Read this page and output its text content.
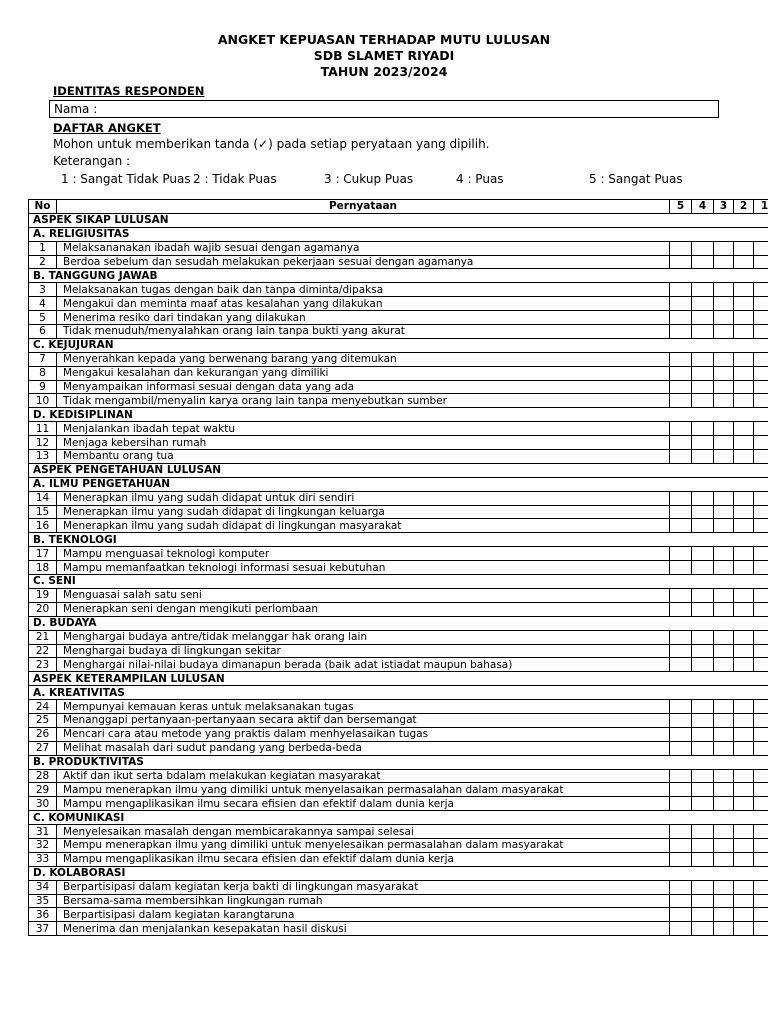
ANGKET KEPUASAN TERHADAP MUTU LULUSAN
SDB SLAMET RIYADI
TAHUN 2023/2024
IDENTITAS RESPONDEN
Nama :
DAFTAR ANGKET
Mohon untuk memberikan tanda (✓) pada setiap peryataan yang dipilih.
Keterangan :
1 : Sangat Tidak Puas 2 : Tidak Puas	3 : Cukup Puas	4 : Puas	5 : Sangat Puas
No	Pernyataan	5	4	3	2	1
ASPEK SIKAP LULUSAN						
A. RELIGIUSITAS						
1	Melaksananakan ibadah wajib sesuai dengan agamanya					
2	Berdoa sebelum dan sesudah melakukan pekerjaan sesuai dengan agamanya					
B. TANGGUNG JAWAB						
3	Melaksanakan tugas dengan baik dan tanpa diminta/dipaksa					
4	Mengakui dan meminta maaf atas kesalahan yang dilakukan					
5	Menerima resiko dari tindakan yang dilakukan					
6	Tidak menuduh/menyalahkan orang lain tanpa bukti yang akurat					
C. KEJUJURAN						
7	Menyerahkan kepada yang berwenang barang yang ditemukan					
8	Mengakui kesalahan dan kekurangan yang dimiliki					
9	Menyampaikan informasi sesuai dengan data yang ada					
10	Tidak mengambil/menyalin karya orang lain tanpa menyebutkan sumber					
D. KEDISIPLINAN						
11	Menjalankan ibadah tepat waktu					
12	Menjaga kebersihan rumah					
13	Membantu orang tua					
ASPEK PENGETAHUAN LULUSAN						
A. ILMU PENGETAHUAN						
14	Menerapkan ilmu yang sudah didapat untuk diri sendiri					
15	Menerapkan ilmu yang sudah didapat di lingkungan keluarga					
16	Menerapkan ilmu yang sudah didapat di lingkungan masyarakat					
B. TEKNOLOGI						
17	Mampu menguasai teknologi komputer					
18	Mampu memanfaatkan teknologi informasi sesuai kebutuhan					
C. SENI						
19	Menguasai salah satu seni					
20	Menerapkan seni dengan mengikuti perlombaan					
D. BUDAYA						
21	Menghargai budaya antre/tidak melanggar hak orang lain					
22	Menghargai budaya di lingkungan sekitar					
23	Menghargai nilai-nilai budaya dimanapun berada (baik adat istiadat maupun bahasa)					
ASPEK KETERAMPILAN LULUSAN						
A. KREATIVITAS						
24	Mempunyai kemauan keras untuk melaksanakan tugas					
25	Menanggapi pertanyaan-pertanyaan secara aktif dan bersemangat					
26	Mencari cara atau metode yang praktis dalam menhyelasaikan tugas					
27	Melihat masalah dari sudut pandang yang berbeda-beda					
B. PRODUKTIVITAS						
28	Aktif dan ikut serta bdalam melakukan kegiatan masyarakat					
29	Mampu menerapkan ilmu yang dimiliki untuk menyelasaikan permasalahan dalam masyarakat					
30	Mampu mengaplikasikan ilmu secara efisien dan efektif dalam dunia kerja					
C. KOMUNIKASI						
31	Menyelesaikan masalah dengan membicarakannya sampai selesai					
32	Mempu menerapkan ilmu yang dimiliki untuk menyelesaikan permasalahan dalam masyarakat					
33	Mampu mengaplikasikan ilmu secara efisien dan efektif dalam dunia kerja					
D. KOLABORASI						
34	Berpartisipasi dalam kegiatan kerja bakti di lingkungan masyarakat					
35	Bersama-sama membersihkan lingkungan rumah					
36	Berpartisipasi dalam kegiatan karangtaruna					
37	Menerima dan menjalankan kesepakatan hasil diskusi					
